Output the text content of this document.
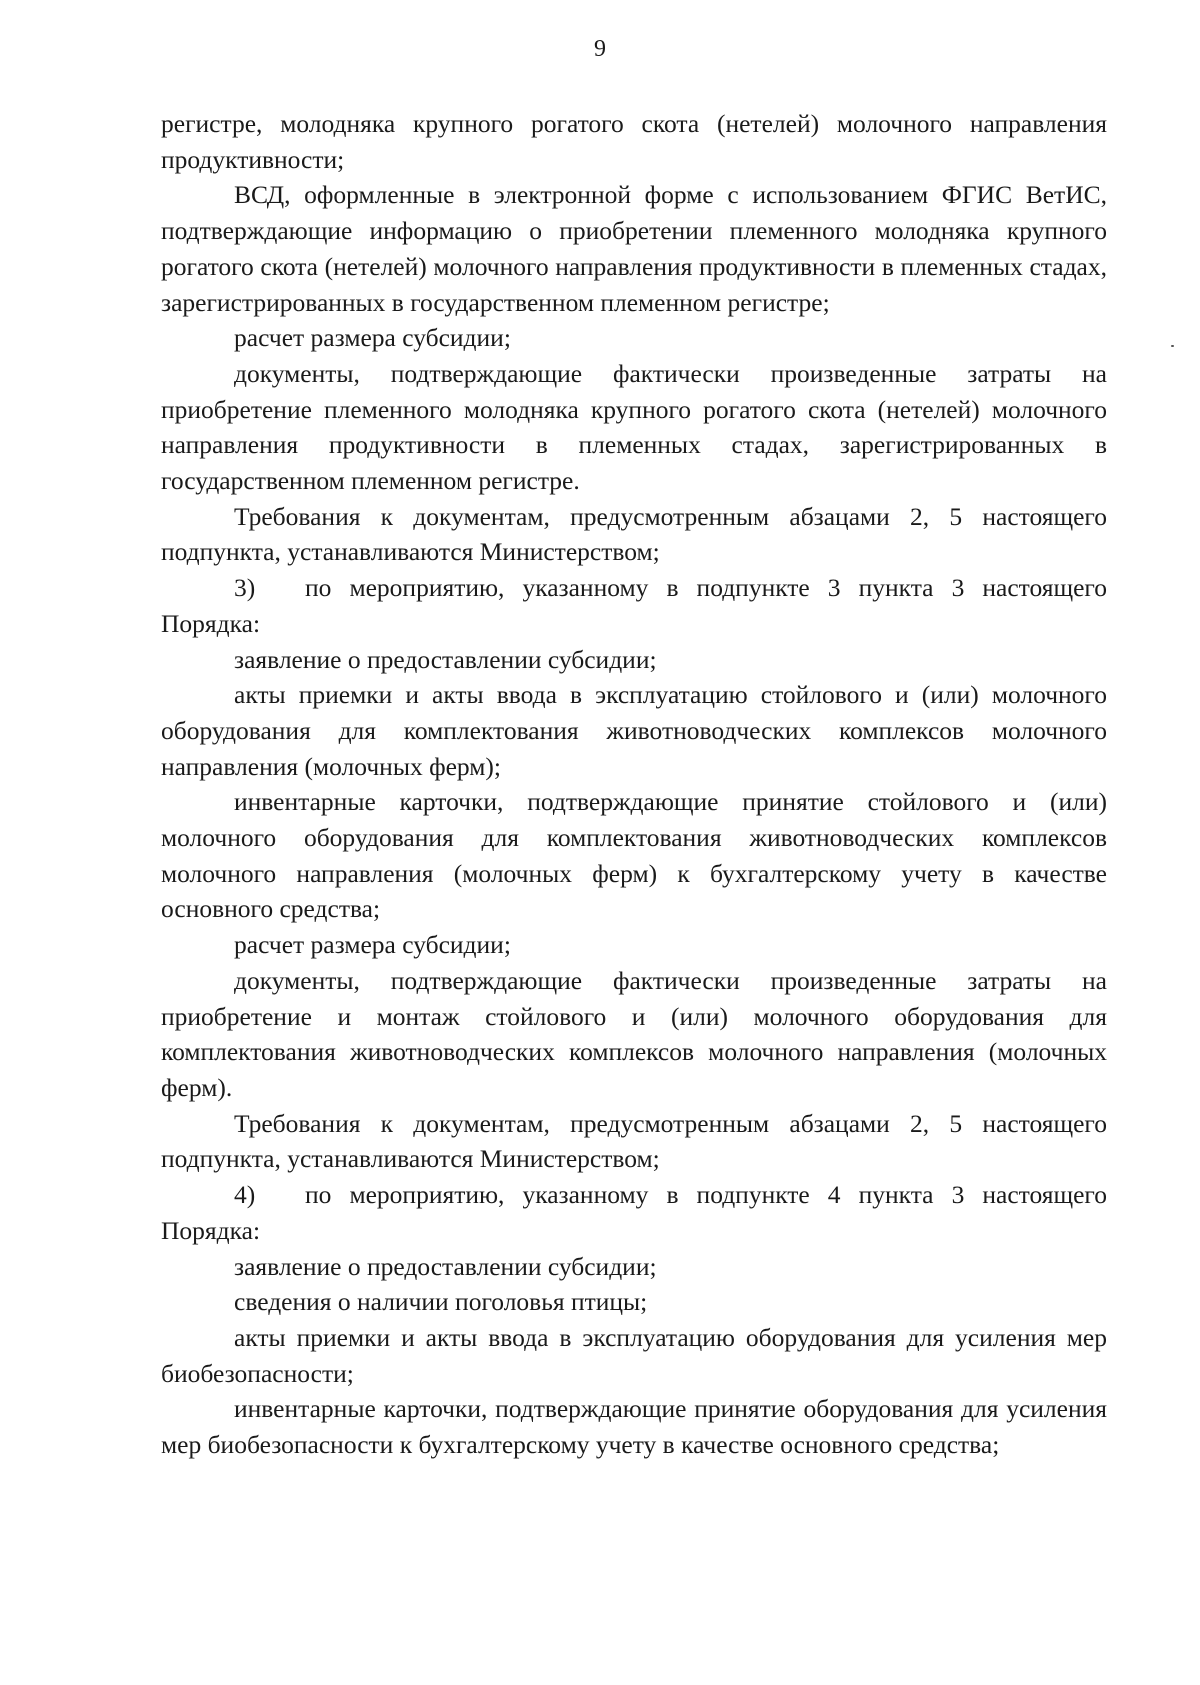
9

регистре, молодняка крупного рогатого скота (нетелей) молочного направления продуктивности;

ВСД, оформленные в электронной форме с использованием ФГИС ВетИС, подтверждающие информацию о приобретении племенного молодняка крупного рогатого скота (нетелей) молочного направления продуктивности в племенных стадах, зарегистрированных в государственном племенном регистре;

расчет размера субсидии;

документы, подтверждающие фактически произведенные затраты на приобретение племенного молодняка крупного рогатого скота (нетелей) молочного направления продуктивности в племенных стадах, зарегистрированных в государственном племенном регистре.

Требования к документам, предусмотренным абзацами 2, 5 настоящего подпункта, устанавливаются Министерством;

3) по мероприятию, указанному в подпункте 3 пункта 3 настоящего Порядка:

заявление о предоставлении субсидии;

акты приемки и акты ввода в эксплуатацию стойлового и (или) молочного оборудования для комплектования животноводческих комплексов молочного направления (молочных ферм);

инвентарные карточки, подтверждающие принятие стойлового и (или) молочного оборудования для комплектования животноводческих комплексов молочного направления (молочных ферм) к бухгалтерскому учету в качестве основного средства;

расчет размера субсидии;

документы, подтверждающие фактически произведенные затраты на приобретение и монтаж стойлового и (или) молочного оборудования для комплектования животноводческих комплексов молочного направления (молочных ферм).

Требования к документам, предусмотренным абзацами 2, 5 настоящего подпункта, устанавливаются Министерством;

4) по мероприятию, указанному в подпункте 4 пункта 3 настоящего Порядка:

заявление о предоставлении субсидии;

сведения о наличии поголовья птицы;

акты приемки и акты ввода в эксплуатацию оборудования для усиления мер биобезопасности;

инвентарные карточки, подтверждающие принятие оборудования для усиления мер биобезопасности к бухгалтерскому учету в качестве основного средства;
